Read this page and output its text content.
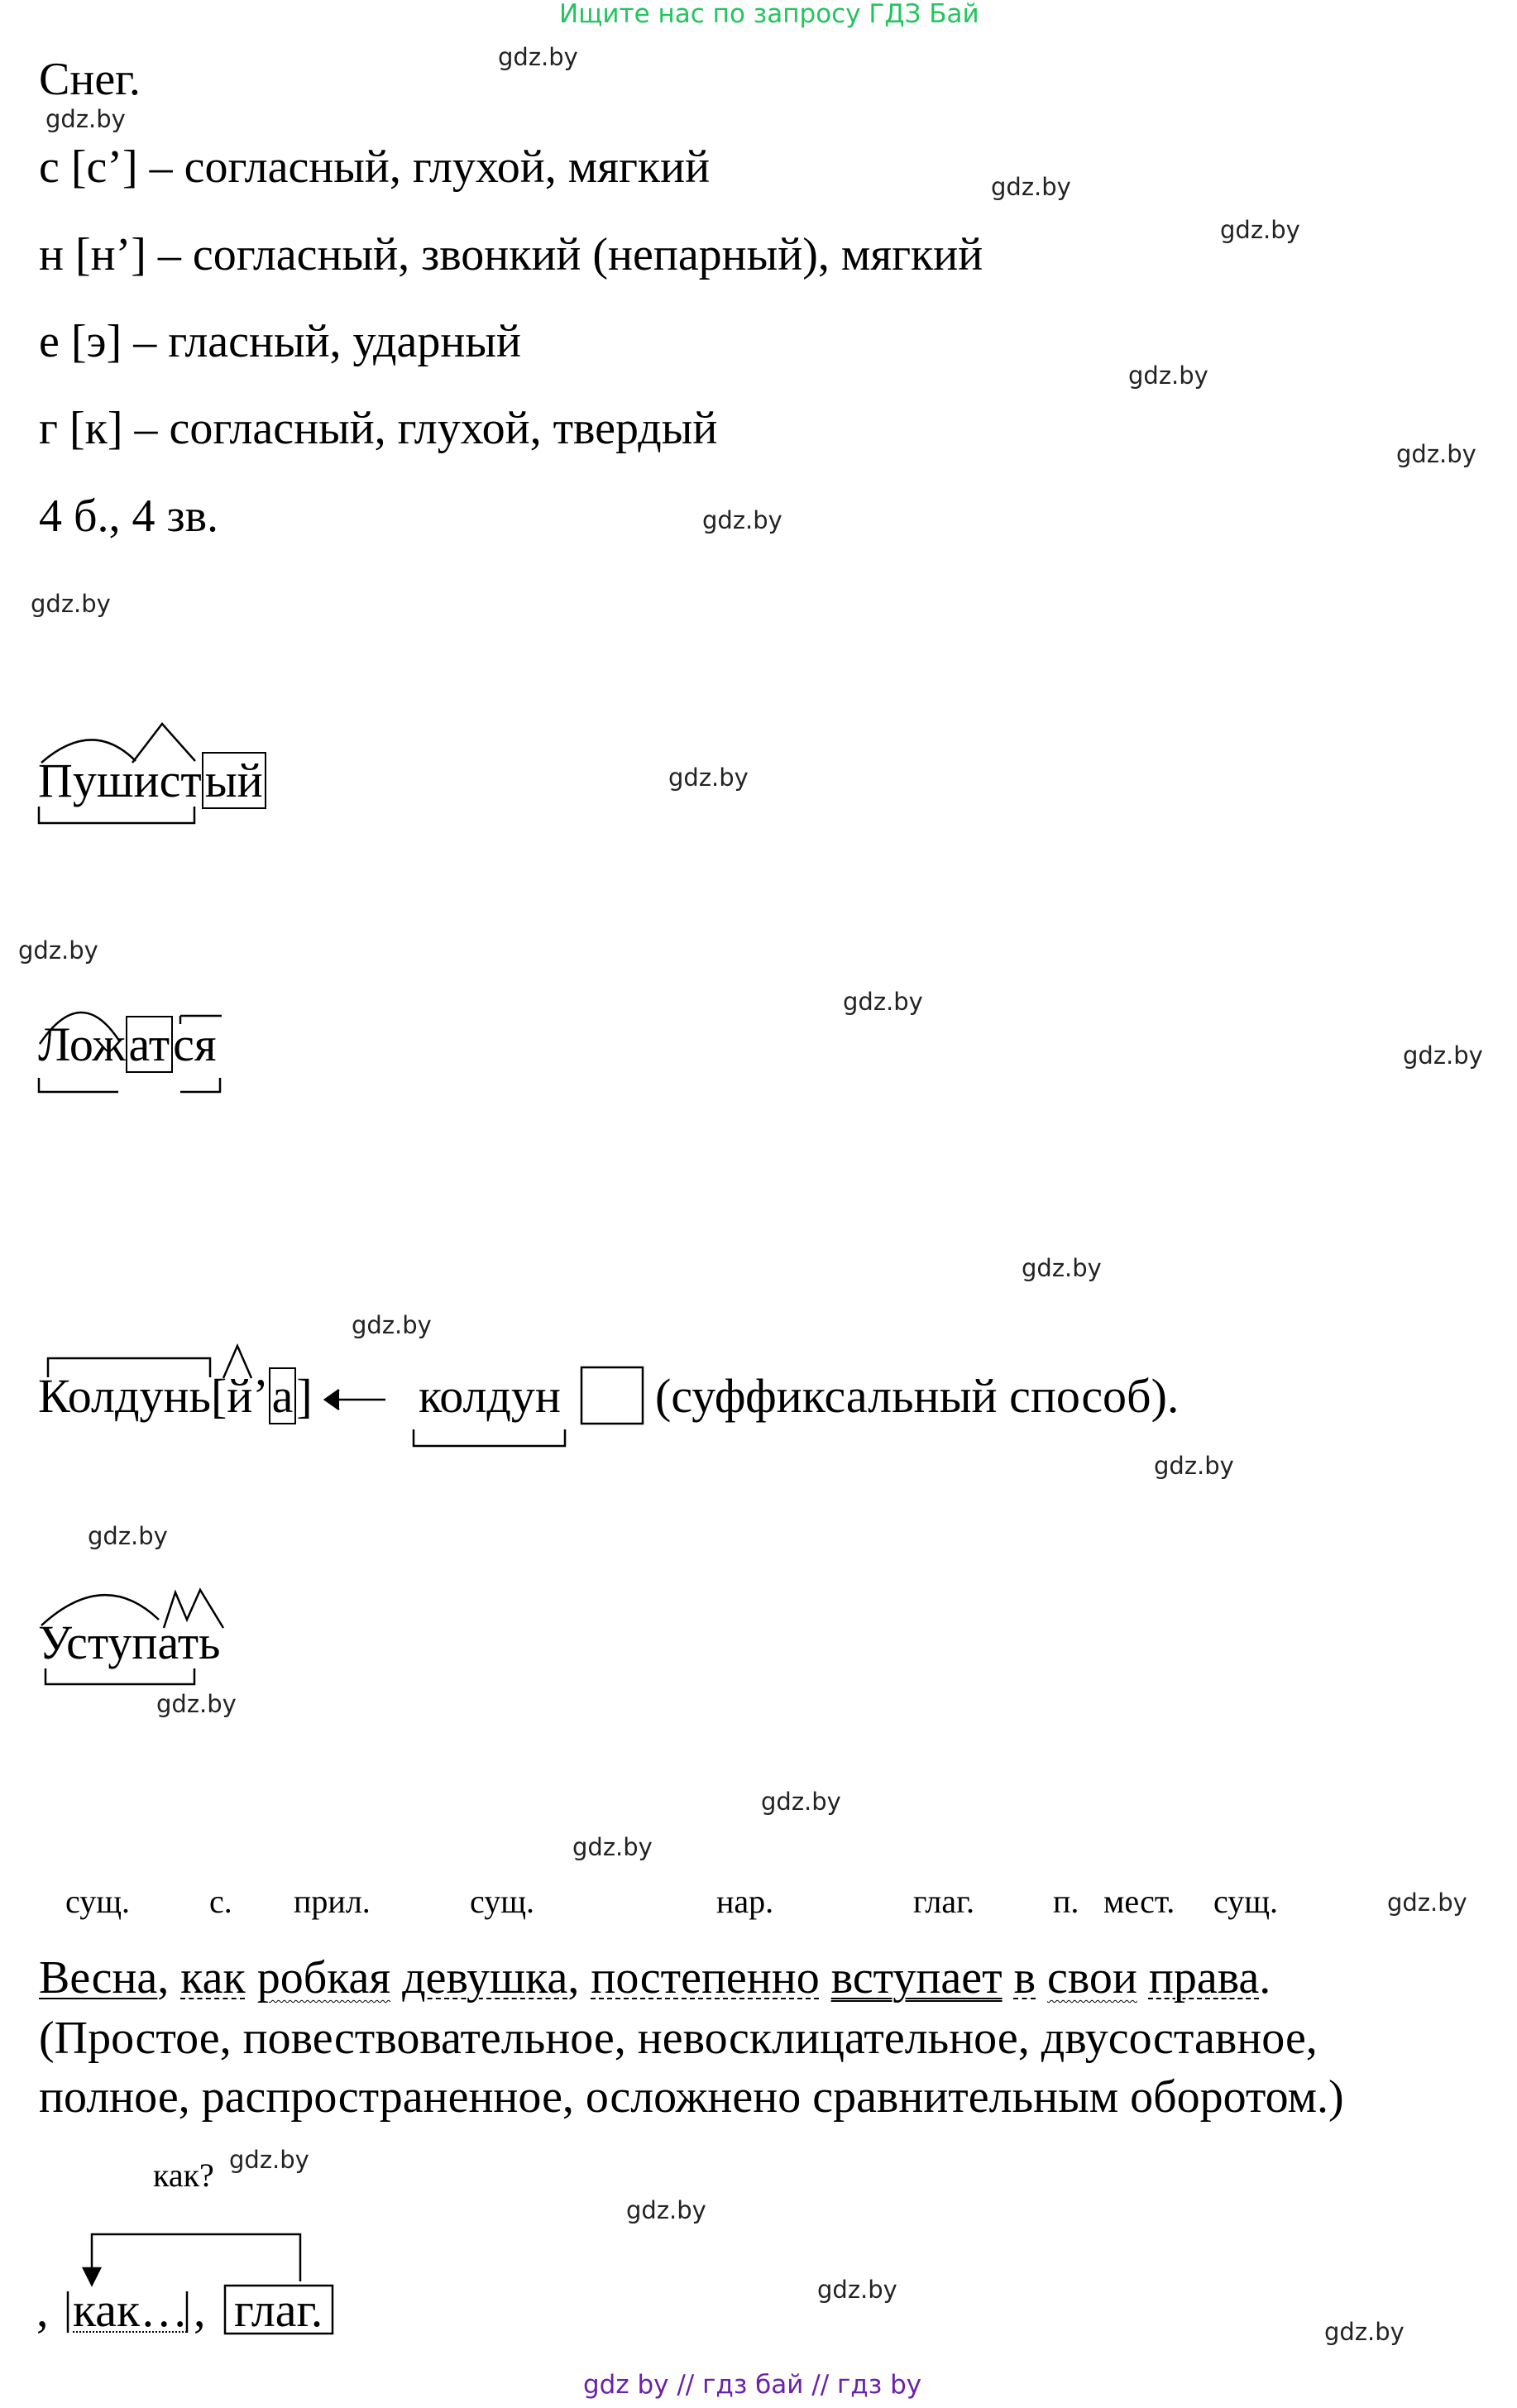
Ищите нас по запросу ГДЗ Бай
gdz.by
gdz.by
gdz.by
gdz.by
gdz.by
gdz.by
gdz.by
gdz.by
gdz.by
gdz.by
gdz.by
gdz.by
gdz.by
gdz.by
gdz.by
gdz.by
gdz.by
gdz.by
gdz.by
gdz.by
gdz.by
gdz.by
gdz.by
gdz.by
Снег.
с [с’] – согласный, глухой, мягкий
н [н’] – согласный, звонкий (непарный), мягкий
е [э] – гласный, ударный
г [к] – согласный, глухой, твердый
4 б., 4 зв.
Пушистый
Ложатся
Колдунь[й’а] колдун (суффиксальный способ).
Уступать
сущ. с. прил.	сущ.	нар.	глаг. п. мест. сущ.
Весна, как робкая девушка, постепенно вступает в свои права.
(Простое, повествовательное, невосклицательное, двусоставное,
полное, распространенное, осложнено сравнительным оборотом.)
как?
, как… , глаг.
gdz by // гдз бай // гдз by
